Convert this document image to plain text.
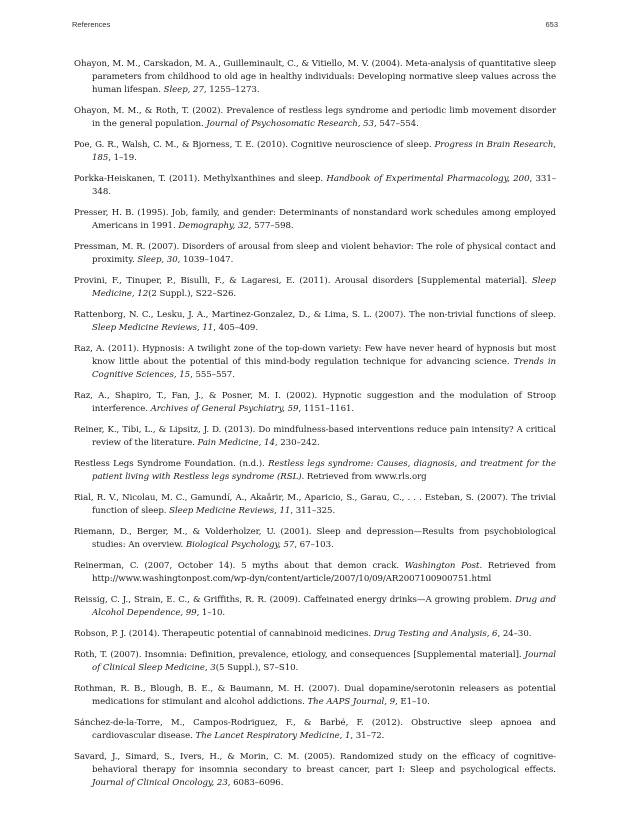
References	653

Ohayon, M. M., Carskadon, M. A., Guilleminault, C., & Vitiello, M. V. (2004). Meta-analysis of quantitative sleep parameters from childhood to old age in healthy individuals: Developing normative sleep values across the human lifespan. Sleep, 27, 1255–1273.

Ohayon, M. M., & Roth, T. (2002). Prevalence of restless legs syndrome and periodic limb movement disorder in the general population. Journal of Psychosomatic Research, 53, 547–554.

Poe, G. R., Walsh, C. M., & Bjorness, T. E. (2010). Cognitive neuroscience of sleep. Progress in Brain Research, 185, 1–19.

Porkka-Heiskanen, T. (2011). Methylxanthines and sleep. Handbook of Experimental Pharmacology, 200, 331–348.

Presser, H. B. (1995). Job, family, and gender: Determinants of nonstandard work schedules among employed Americans in 1991. Demography, 32, 577–598.

Pressman, M. R. (2007). Disorders of arousal from sleep and violent behavior: The role of physical contact and proximity. Sleep, 30, 1039–1047.

Provini, F., Tinuper, P., Bisulli, F., & Lagaresi, E. (2011). Arousal disorders [Supplemental material]. Sleep Medicine, 12(2 Suppl.), S22–S26.

Rattenborg, N. C., Lesku, J. A., Martinez-Gonzalez, D., & Lima, S. L. (2007). The non-trivial functions of sleep. Sleep Medicine Reviews, 11, 405–409.

Raz, A. (2011). Hypnosis: A twilight zone of the top-down variety: Few have never heard of hypnosis but most know little about the potential of this mind-body regulation technique for advancing science. Trends in Cognitive Sciences, 15, 555–557.

Raz, A., Shapiro, T., Fan, J., & Posner, M. I. (2002). Hypnotic suggestion and the modulation of Stroop interference. Archives of General Psychiatry, 59, 1151–1161.

Reiner, K., Tibi, L., & Lipsitz, J. D. (2013). Do mindfulness-based interventions reduce pain intensity? A critical review of the literature. Pain Medicine, 14, 230–242.

Restless Legs Syndrome Foundation. (n.d.). Restless legs syndrome: Causes, diagnosis, and treatment for the patient living with Restless legs syndrome (RSL). Retrieved from www.rls.org

Rial, R. V., Nicolau, M. C., Gamundí, A., Akaârir, M., Aparicio, S., Garau, C., . . . Esteban, S. (2007). The trivial function of sleep. Sleep Medicine Reviews, 11, 311–325.

Riemann, D., Berger, M., & Volderholzer, U. (2001). Sleep and depression—Results from psychobiological studies: An overview. Biological Psychology, 57, 67–103.

Reinerman, C. (2007, October 14). 5 myths about that demon crack. Washington Post. Retrieved from http://www.washingtonpost.com/wp-dyn/content/article/2007/10/09/AR2007100900751.html

Reissig, C. J., Strain, E. C., & Griffiths, R. R. (2009). Caffeinated energy drinks—A growing problem. Drug and Alcohol Dependence, 99, 1–10.

Robson, P. J. (2014). Therapeutic potential of cannabinoid medicines. Drug Testing and Analysis, 6, 24–30.

Roth, T. (2007). Insomnia: Definition, prevalence, etiology, and consequences [Supplemental material]. Journal of Clinical Sleep Medicine, 3(5 Suppl.), S7–S10.

Rothman, R. B., Blough, B. E., & Baumann, M. H. (2007). Dual dopamine/serotonin releasers as potential medications for stimulant and alcohol addictions. The AAPS Journal, 9, E1–10.

Sánchez-de-la-Torre, M., Campos-Rodriguez, F., & Barbé, F. (2012). Obstructive sleep apnoea and cardiovascular disease. The Lancet Respiratory Medicine, 1, 31–72.

Savard, J., Simard, S., Ivers, H., & Morin, C. M. (2005). Randomized study on the efficacy of cognitive-behavioral therapy for insomnia secondary to breast cancer, part I: Sleep and psychological effects. Journal of Clinical Oncology, 23, 6083–6096.
